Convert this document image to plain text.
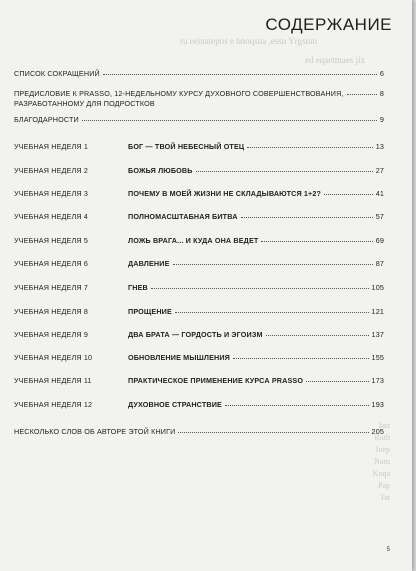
ru eeinatepos e bnoqsua ,essn Yrgsnin
ed eqaetmaes jix
Iatr
Ruth
Ioep
Nom
Koqa
Pap
Tat
СОДЕРЖАНИЕ
СПИСОК СОКРАЩЕНИЙ	6
ПРЕДИСЛОВИЕ К PRASSO, 12-НЕДЕЛЬНОМУ КУРСУ ДУХОВНОГО СОВЕРШЕНСТВОВАНИЯ,
РАЗРАБОТАННОМУ ДЛЯ ПОДРОСТКОВ
8
БЛАГОДАРНОСТИ	9
УЧЕБНАЯ НЕДЕЛЯ 1	БОГ — ТВОЙ НЕБЕСНЫЙ ОТЕЦ	13
УЧЕБНАЯ НЕДЕЛЯ 2	БОЖЬЯ ЛЮБОВЬ	27
УЧЕБНАЯ НЕДЕЛЯ 3	ПОЧЕМУ В МОЕЙ ЖИЗНИ НЕ СКЛАДЫВАЮТСЯ 1+2?	41
УЧЕБНАЯ НЕДЕЛЯ 4	ПОЛНОМАСШТАБНАЯ БИТВА	57
УЧЕБНАЯ НЕДЕЛЯ 5	ЛОЖЬ ВРАГА... И КУДА ОНА ВЕДЕТ	69
УЧЕБНАЯ НЕДЕЛЯ 6	ДАВЛЕНИЕ	87
УЧЕБНАЯ НЕДЕЛЯ 7	ГНЕВ	105
УЧЕБНАЯ НЕДЕЛЯ 8	ПРОЩЕНИЕ	121
УЧЕБНАЯ НЕДЕЛЯ 9	ДВА БРАТА — ГОРДОСТЬ И ЭГОИЗМ	137
УЧЕБНАЯ НЕДЕЛЯ 10	ОБНОВЛЕНИЕ МЫШЛЕНИЯ	155
УЧЕБНАЯ НЕДЕЛЯ 11	ПРАКТИЧЕСКОЕ ПРИМЕНЕНИЕ КУРСА PRASSO	173
УЧЕБНАЯ НЕДЕЛЯ 12	ДУХОВНОЕ СТРАНСТВИЕ	193
НЕСКОЛЬКО СЛОВ ОБ АВТОРЕ ЭТОЙ КНИГИ	205
5
